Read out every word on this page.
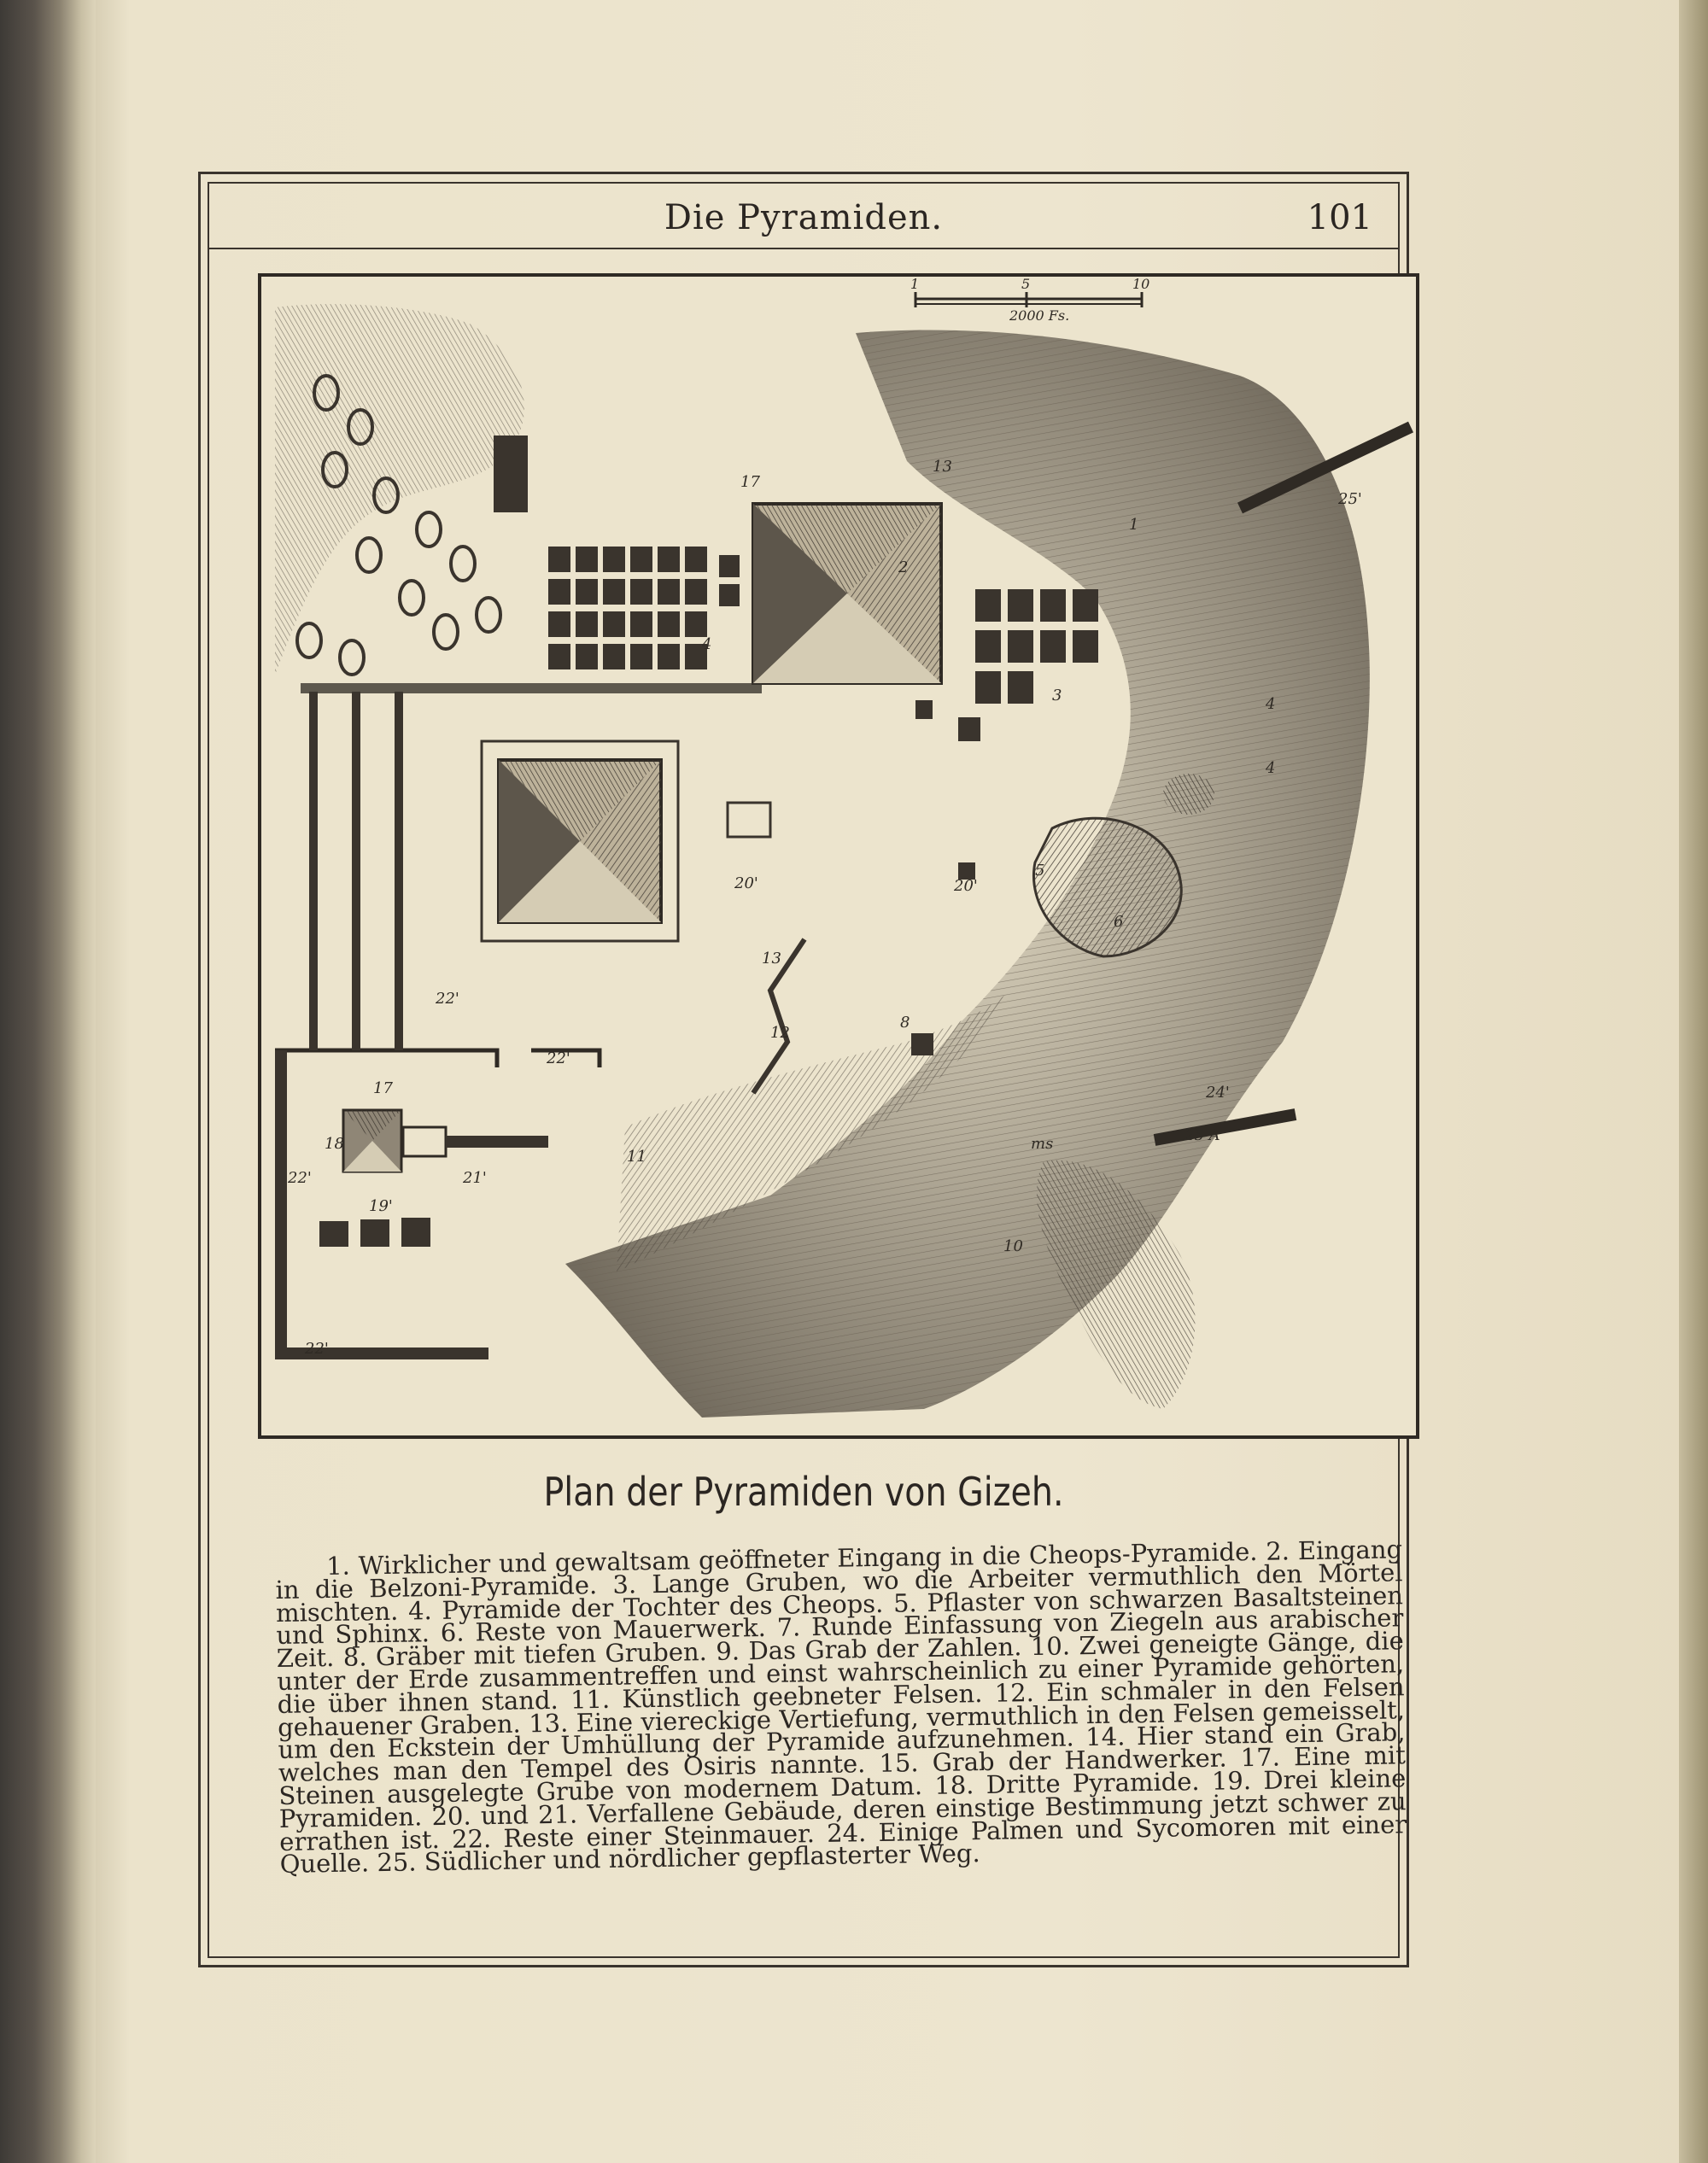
Die Pyramiden.	101
1	5	10
2000 Fs.
25'
1
17
13
4
4
20'	20'
13
22'
22'
12
8
24'
ms	25 A
17
18
21'
11
22'
19'
10
22'
5
6
3
2
4
Plan der Pyramiden von Gizeh.
1. Wirklicher und gewaltsam geöffneter Eingang in die Cheops-Pyramide. 2. Eingang in die Belzoni-Pyramide. 3. Lange Gruben, wo die Arbeiter vermuthlich den Mörtel mischten. 4. Pyramide der Tochter des Cheops. 5. Pflaster von schwarzen Basaltsteinen und Sphinx. 6. Reste von Mauerwerk. 7. Runde Einfassung von Ziegeln aus arabischer Zeit. 8. Gräber mit tiefen Gruben. 9. Das Grab der Zahlen. 10. Zwei geneigte Gänge, die unter der Erde zusammentreffen und einst wahrscheinlich zu einer Pyramide gehörten, die über ihnen stand. 11. Künstlich geebneter Felsen. 12. Ein schmaler in den Felsen gehauener Graben. 13. Eine viereckige Vertiefung, vermuthlich in den Felsen gemeisselt, um den Eckstein der Umhüllung der Pyramide aufzunehmen. 14. Hier stand ein Grab, welches man den Tempel des Osiris nannte. 15. Grab der Handwerker. 17. Eine mit Steinen ausgelegte Grube von modernem Datum. 18. Dritte Pyramide. 19. Drei kleine Pyramiden. 20. und 21. Verfallene Gebäude, deren einstige Bestimmung jetzt schwer zu errathen ist. 22. Reste einer Steinmauer. 24. Einige Palmen und Sycomoren mit einer Quelle. 25. Südlicher und nördlicher gepflasterter Weg.
